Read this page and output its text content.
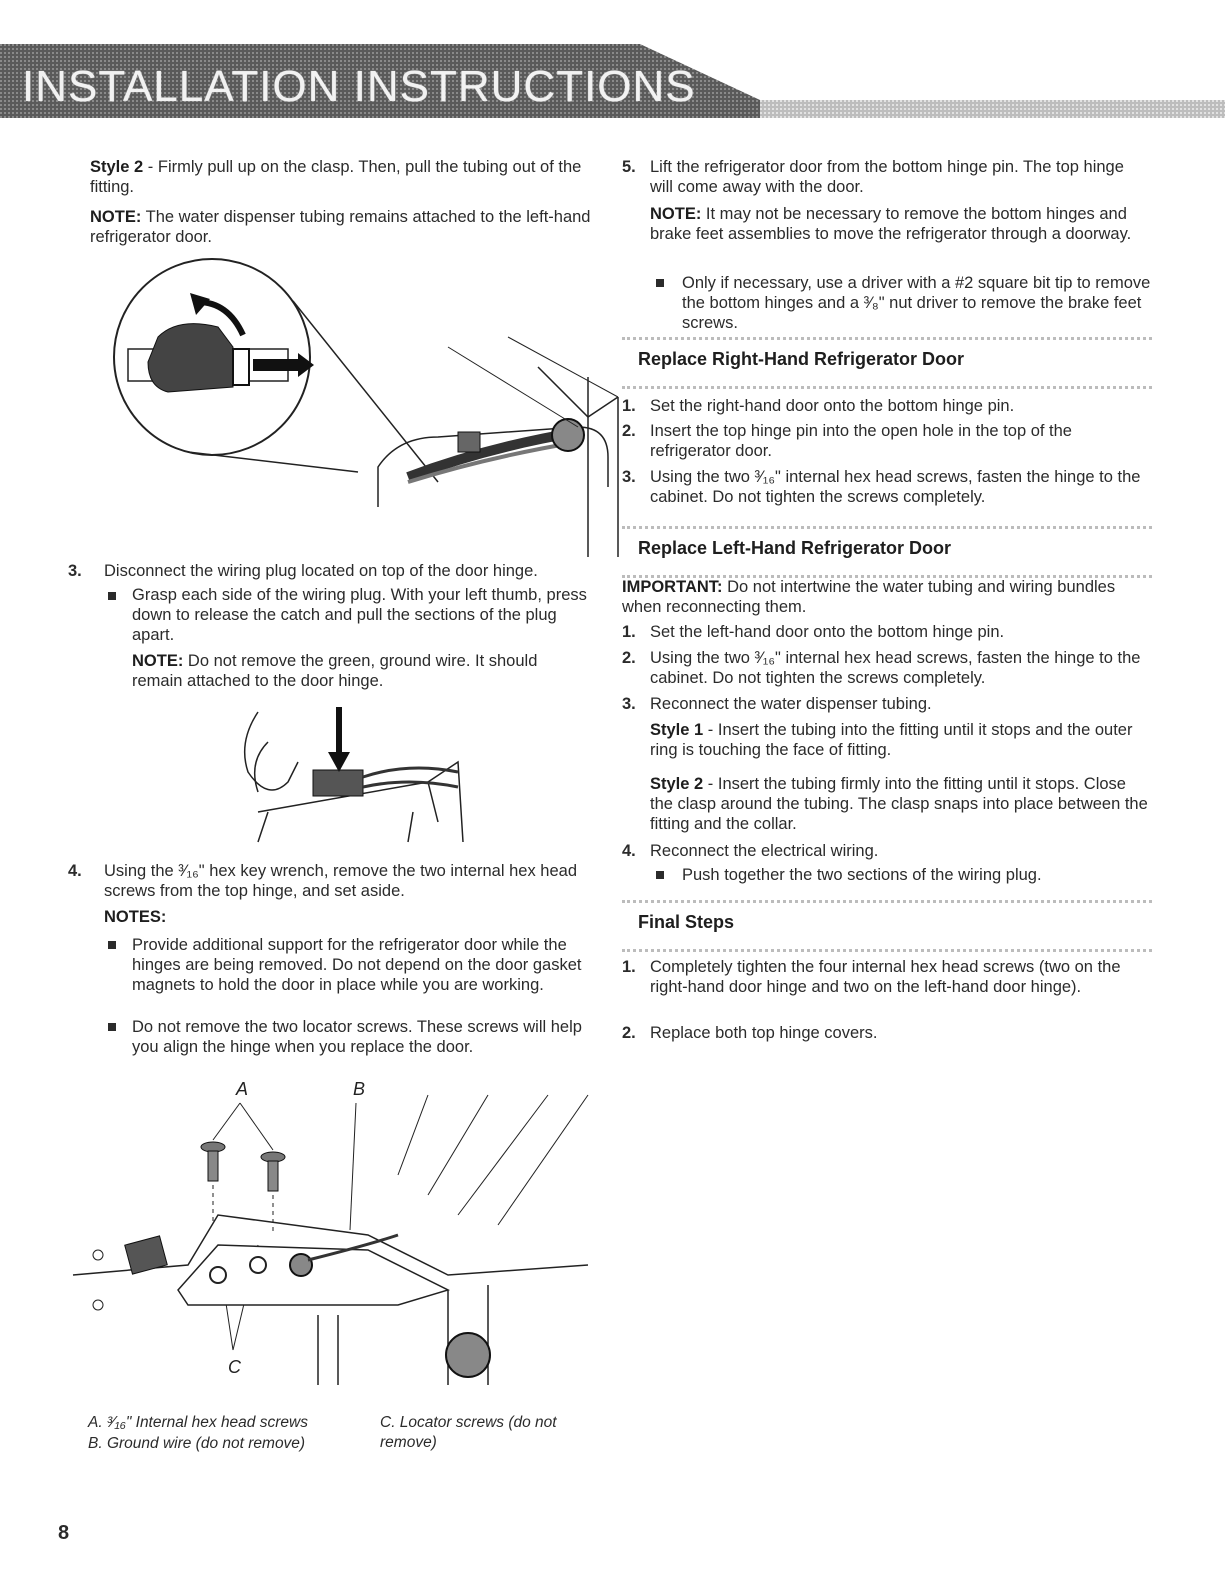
INSTALLATION INSTRUCTIONS

Style 2 - Firmly pull up on the clasp. Then, pull the tubing out of the fitting.

NOTE: The water dispenser tubing remains attached to the left-hand refrigerator door.

3. Disconnect the wiring plug located on top of the door hinge.

Grasp each side of the wiring plug. With your left thumb, press down to release the catch and pull the sections of the plug apart.

NOTE: Do not remove the green, ground wire. It should remain attached to the door hinge.

4. Using the ³⁄₁₆" hex key wrench, remove the two internal hex head screws from the top hinge, and set aside.

NOTES:

Provide additional support for the refrigerator door while the hinges are being removed. Do not depend on the door gasket magnets to hold the door in place while you are working.

Do not remove the two locator screws. These screws will help you align the hinge when you replace the door.

A	B
C

A. ³⁄₁₆" Internal hex head screws

B. Ground wire (do not remove)

C. Locator screws (do not remove)

5. Lift the refrigerator door from the bottom hinge pin. The top hinge will come away with the door.

NOTE: It may not be necessary to remove the bottom hinges and brake feet assemblies to move the refrigerator through a doorway.

Only if necessary, use a driver with a #2 square bit tip to remove the bottom hinges and a ³⁄₈" nut driver to remove the brake feet screws.

Replace Right-Hand Refrigerator Door
1. Set the right-hand door onto the bottom hinge pin.

2. Insert the top hinge pin into the open hole in the top of the refrigerator door.

3. Using the two ³⁄₁₆" internal hex head screws, fasten the hinge to the cabinet. Do not tighten the screws completely.

Replace Left-Hand Refrigerator Door

IMPORTANT: Do not intertwine the water tubing and wiring bundles when reconnecting them.

1. Set the left-hand door onto the bottom hinge pin.

2. Using the two ³⁄₁₆" internal hex head screws, fasten the hinge to the cabinet. Do not tighten the screws completely.

3. Reconnect the water dispenser tubing.

Style 1 - Insert the tubing into the fitting until it stops and the outer ring is touching the face of fitting.

Style 2 - Insert the tubing firmly into the fitting until it stops. Close the clasp around the tubing. The clasp snaps into place between the fitting and the collar.

4. Reconnect the electrical wiring.

Push together the two sections of the wiring plug.

Final Steps
1. Completely tighten the four internal hex head screws (two on the right-hand door hinge and two on the left-hand door hinge).

2. Replace both top hinge covers.

8
